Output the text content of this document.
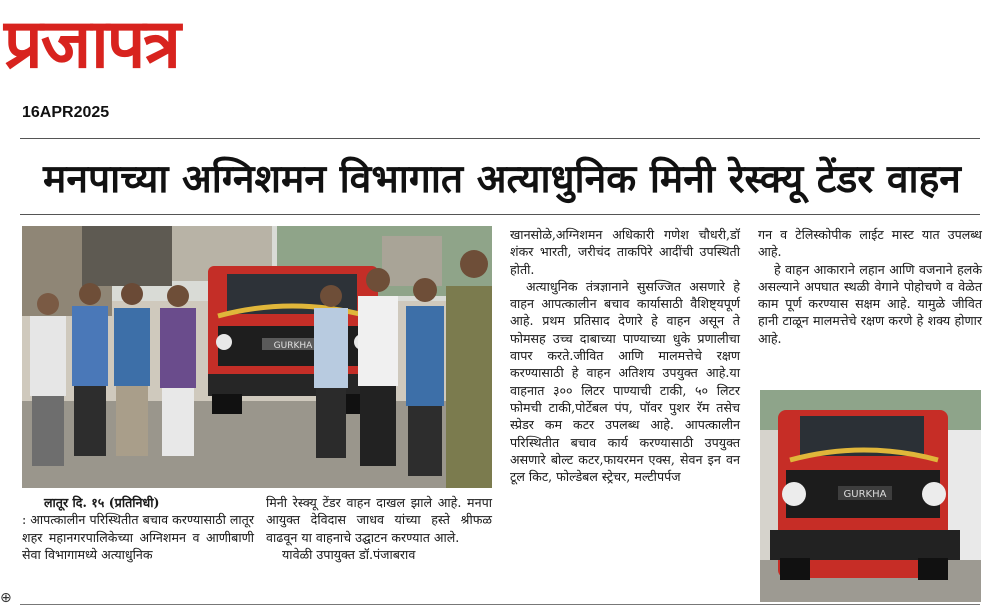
प्रजापत्र
16APR2025
मनपाच्या अग्निशमन विभागात अत्याधुनिक मिनी रेस्क्यू टेंडर वाहन
GURKHA
GURKHA

लातूर दि. १५ (प्रतिनिधी)

: आपत्कालीन परिस्थितीत बचाव करण्यासाठी लातूर शहर महानगरपालिकेच्या अग्निशमन व आणीबाणी सेवा विभागामध्ये अत्याधुनिक

मिनी रेस्क्यू टेंडर वाहन दाखल झाले आहे. मनपा आयुक्त देविदास जाधव यांच्या हस्ते श्रीफळ वाढवून या वाहनाचे उद्घाटन करण्यात आले.

यावेळी उपायुक्त डॉ.पंजाबराव

खानसोळे,अग्निशमन अधिकारी गणेश चौधरी,डॉ शंकर भारती, जरीचंद ताकपिरे आदींची उपस्थिती होती.

अत्याधुनिक तंत्रज्ञानाने सुसज्जित असणारे हे वाहन आपत्कालीन बचाव कार्यासाठी वैशिष्ट्यपूर्ण आहे. प्रथम प्रतिसाद देणारे हे वाहन असून ते फोमसह उच्च दाबाच्या पाण्याच्या धुके प्रणालीचा वापर करते.जीवित आणि मालमत्तेचे रक्षण करण्यासाठी हे वाहन अतिशय उपयुक्त आहे.या वाहनात ३०० लिटर पाण्याची टाकी, ५० लिटर फोमची टाकी,पोर्टेबल पंप, पॉवर पुशर रॅम तसेच स्प्रेडर कम कटर उपलब्ध आहे. आपत्कालीन परिस्थितीत बचाव कार्य करण्यासाठी उपयुक्त असणारे बोल्ट कटर,फायरमन एक्स, सेवन इन वन टूल किट, फोल्डेबल स्ट्रेचर, मल्टीपर्पज

गन व टेलिस्कोपीक लाईट मास्ट यात उपलब्ध आहे.

हे वाहन आकाराने लहान आणि वजनाने हलके असल्याने अपघात स्थळी वेगाने पोहोचणे व वेळेत काम पूर्ण करण्यास सक्षम आहे. यामुळे जीवित हानी टाळून मालमत्तेचे रक्षण करणे हे शक्य होणार आहे.

⊕
